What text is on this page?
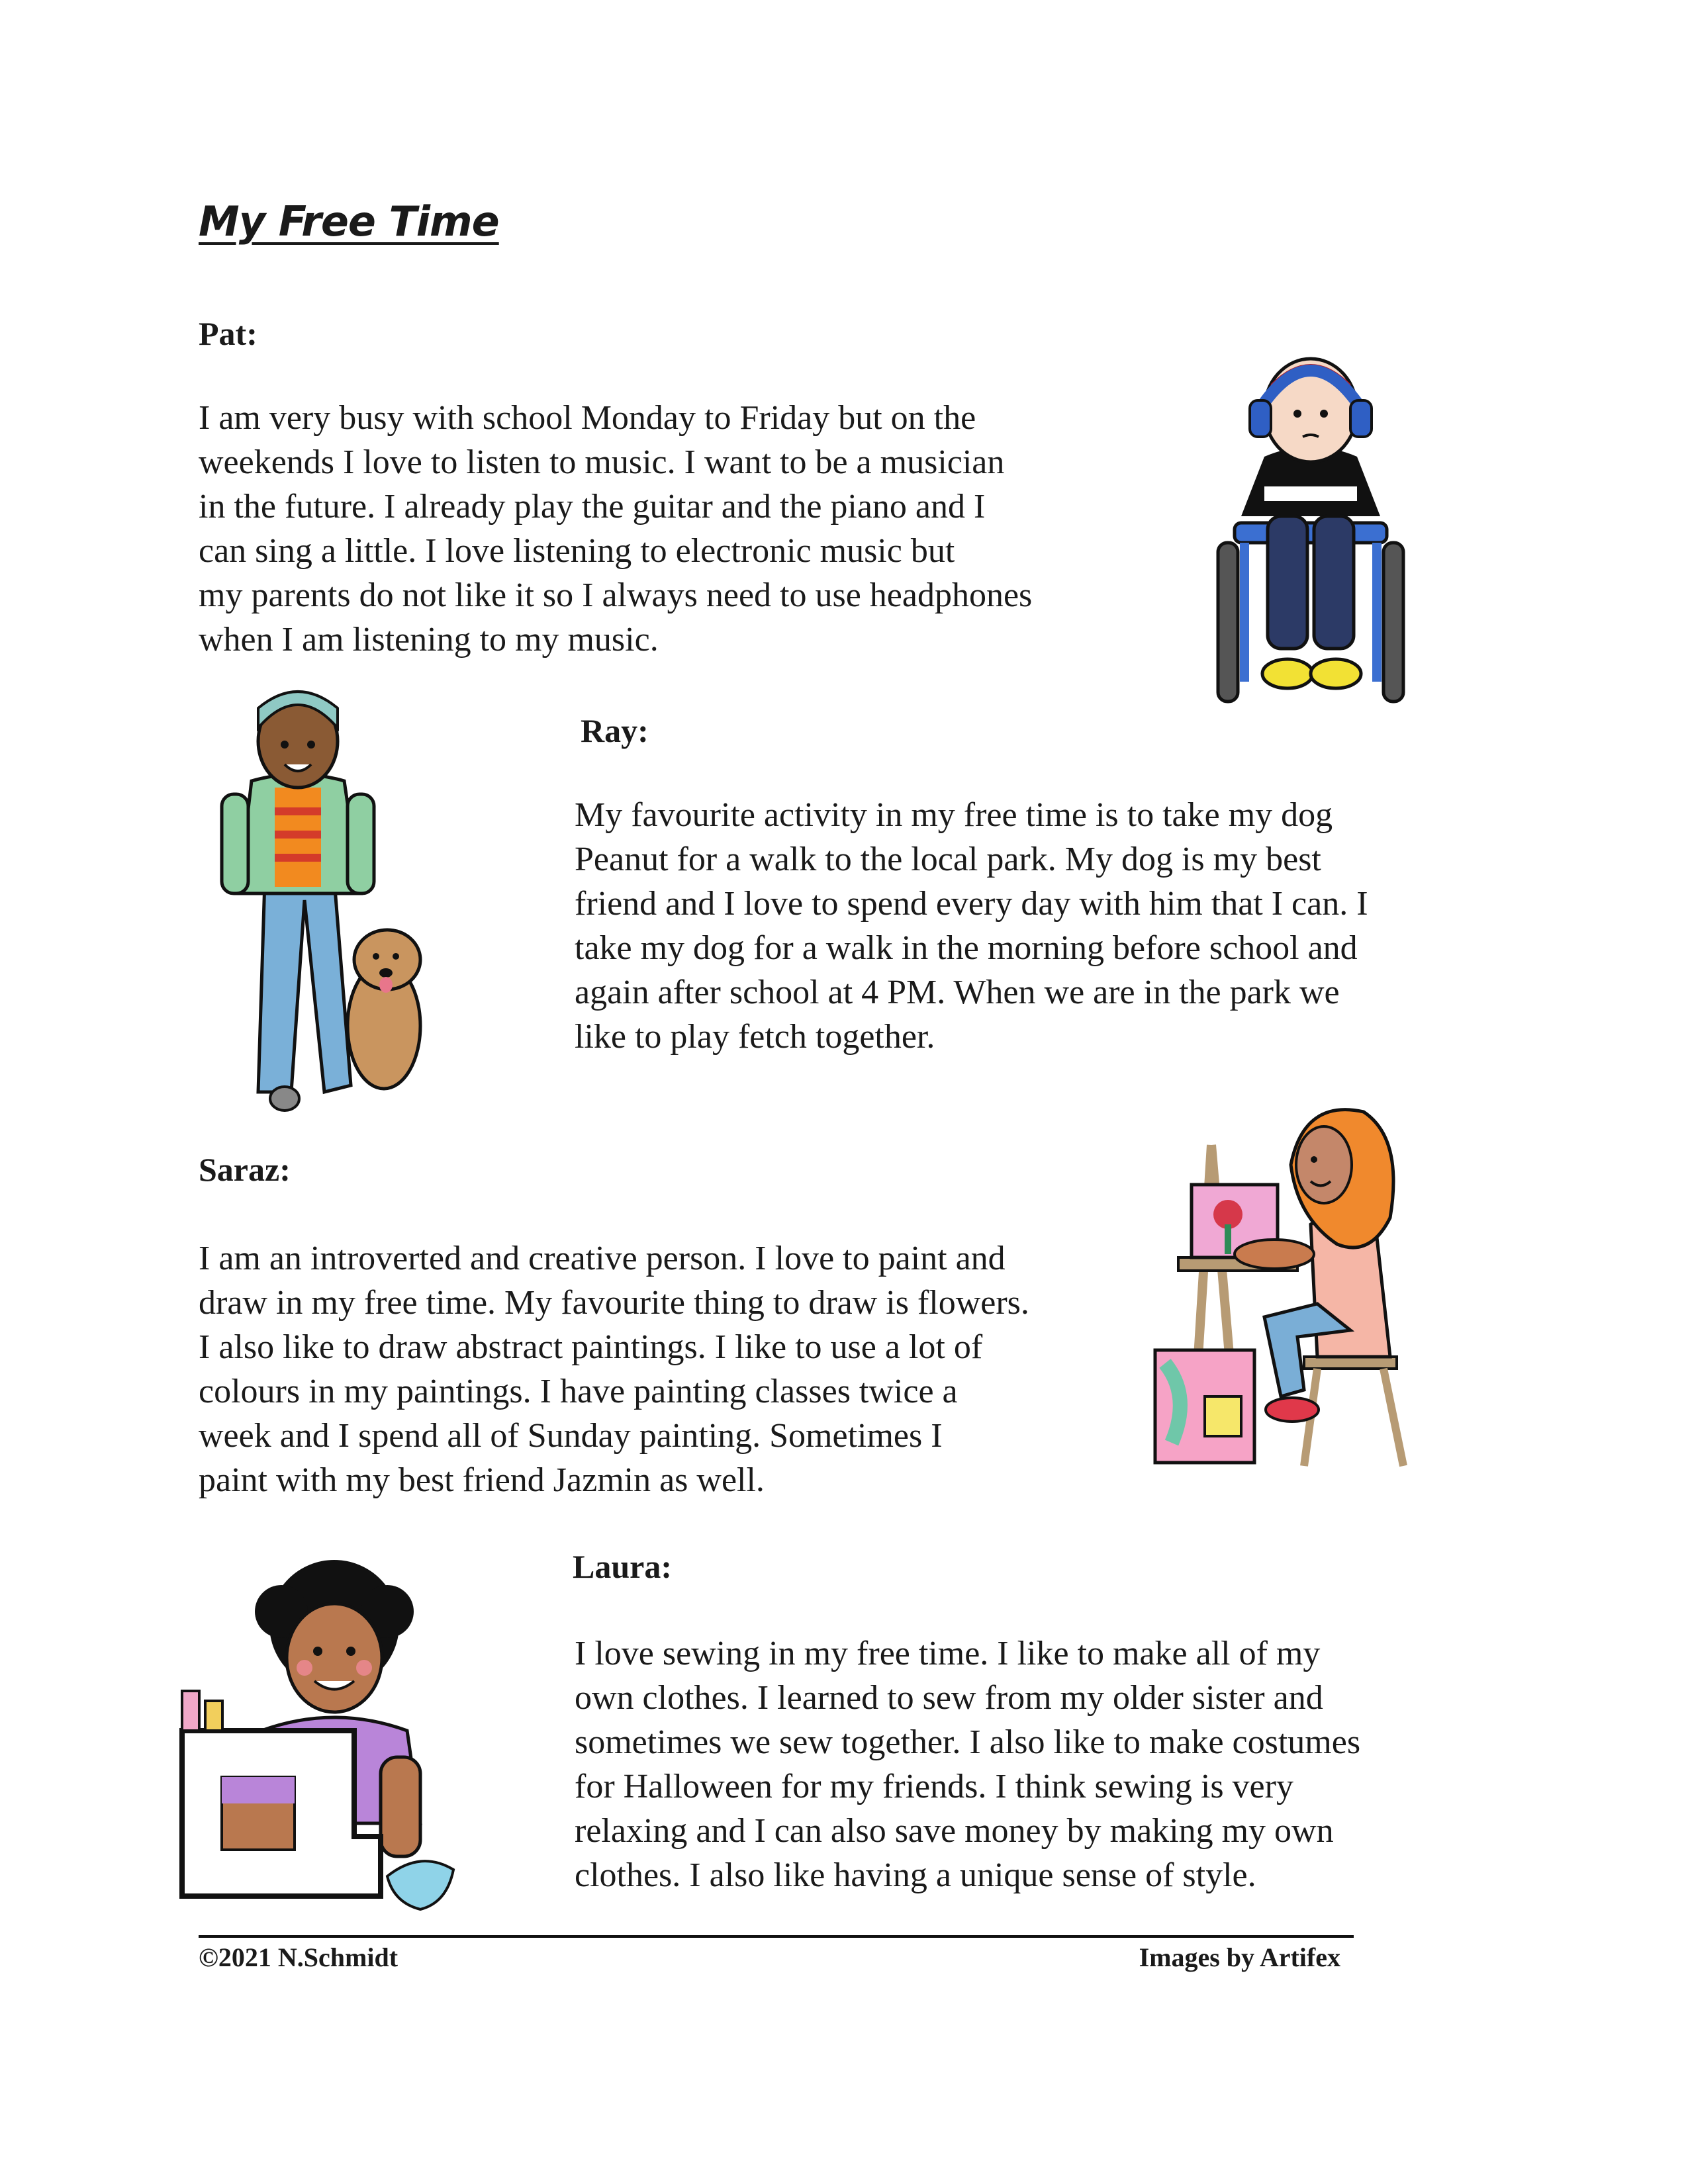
My Free Time
Pat:
I am very busy with school Monday to Friday but on the
weekends I love to listen to music. I want to be a musician
in the future. I already play the guitar and the piano and I
can sing a little. I love listening to electronic music but
my parents do not like it so I always need to use headphones
when I am listening to my music.
Ray:
My favourite activity in my free time is to take my dog
Peanut for a walk to the local park. My dog is my best
friend and I love to spend every day with him that I can. I
take my dog for a walk in the morning before school and
again after school at 4 PM. When we are in the park we
like to play fetch together.
Saraz:
I am an introverted and creative person. I love to paint and
draw in my free time. My favourite thing to draw is flowers.
I also like to draw abstract paintings. I like to use a lot of
colours in my paintings. I have painting classes twice a
week and I spend all of Sunday painting. Sometimes I
paint with my best friend Jazmin as well.
Laura:
I love sewing in my free time. I like to make all of my
own clothes. I learned to sew from my older sister and
sometimes we sew together. I also like to make costumes
for Halloween for my friends. I think sewing is very
relaxing and I can also save money by making my own
clothes. I also like having a unique sense of style.
©2021 N.Schmidt	Images by Artifex
